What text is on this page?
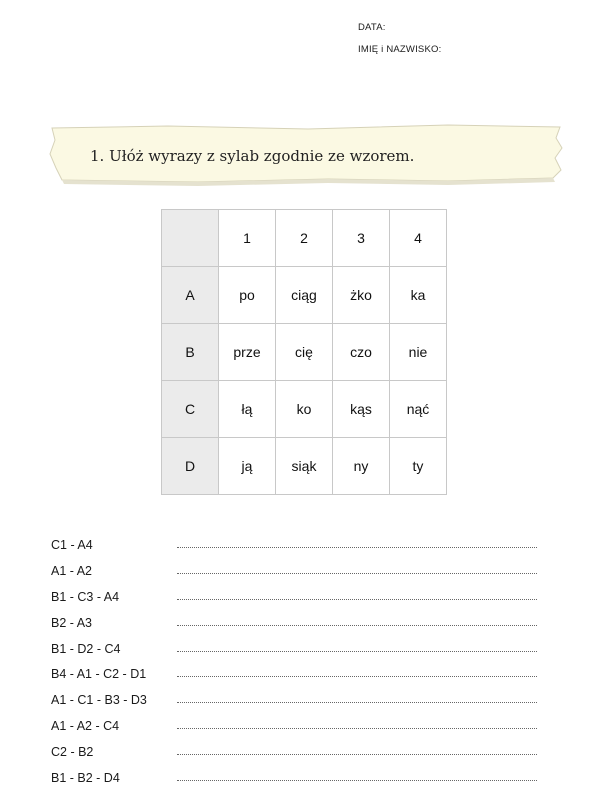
DATA:
IMIĘ i NAZWISKO:
1. Ułóż wyrazy z sylab zgodnie ze wzorem.
	1	2	3	4
A	po	ciąg	żko	ka
B	prze	cię	czo	nie
C	łą	ko	kąs	nąć
D	ją	siąk	ny	ty
C1 - A4
A1 - A2
B1 - C3 - A4
B2 - A3
B1 - D2 - C4
B4 - A1 - C2 - D1
A1 - C1 - B3 - D3
A1 - A2 - C4
C2 - B2
B1 - B2 - D4
